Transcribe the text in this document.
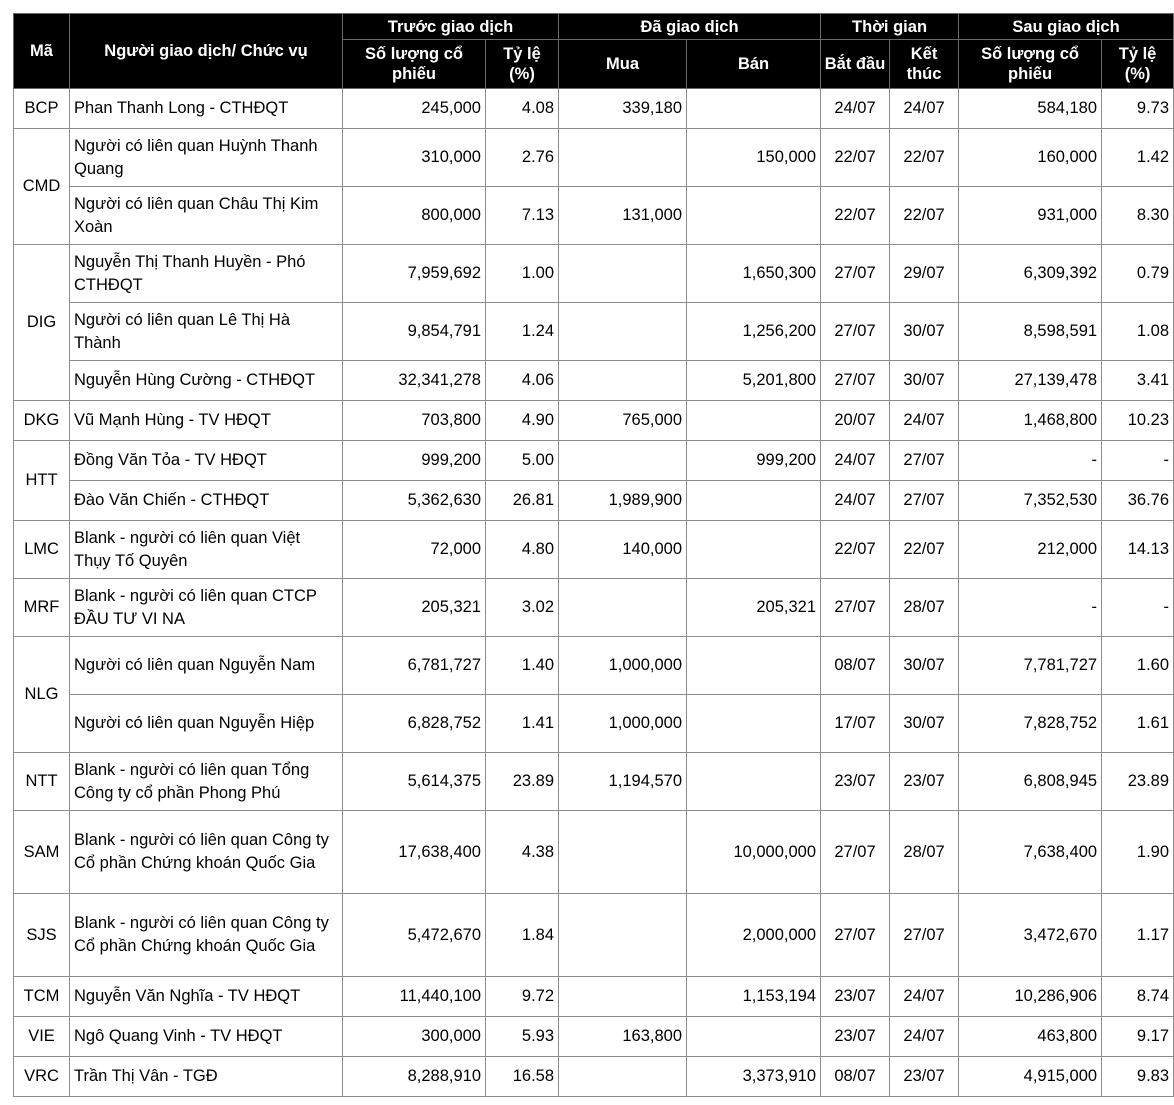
Mã	Người giao dịch/ Chức vụ	Trước giao dịch		Đã giao dịch		Thời gian		Sau giao dịch	
		Số lượng cổ phiếu	Tỷ lệ (%)	Mua	Bán	Bắt đầu	Kết thúc	Số lượng cổ phiếu	Tỷ lệ (%)
BCP	Phan Thanh Long - CTHĐQT	245,000	4.08	339,180		24/07	24/07	584,180	9.73
CMD	Người có liên quan Huỳnh Thanh Quang	310,000	2.76		150,000	22/07	22/07	160,000	1.42
	Người có liên quan Châu Thị Kim Xoàn	800,000	7.13	131,000		22/07	22/07	931,000	8.30
DIG	Nguyễn Thị Thanh Huyền - Phó CTHĐQT	7,959,692	1.00		1,650,300	27/07	29/07	6,309,392	0.79
	Người có liên quan Lê Thị Hà Thành	9,854,791	1.24		1,256,200	27/07	30/07	8,598,591	1.08
	Nguyễn Hùng Cường - CTHĐQT	32,341,278	4.06		5,201,800	27/07	30/07	27,139,478	3.41
DKG	Vũ Mạnh Hùng - TV HĐQT	703,800	4.90	765,000		20/07	24/07	1,468,800	10.23
HTT	Đồng Văn Tỏa - TV HĐQT	999,200	5.00		999,200	24/07	27/07	-	-
	Đào Văn Chiến - CTHĐQT	5,362,630	26.81	1,989,900		24/07	27/07	7,352,530	36.76
LMC	Blank - người có liên quan Việt Thụy Tố Quyên	72,000	4.80	140,000		22/07	22/07	212,000	14.13
MRF	Blank - người có liên quan CTCP ĐẦU TƯ VI NA	205,321	3.02		205,321	27/07	28/07	-	-
NLG	Người có liên quan Nguyễn Nam	6,781,727	1.40	1,000,000		08/07	30/07	7,781,727	1.60
	Người có liên quan Nguyễn Hiệp	6,828,752	1.41	1,000,000		17/07	30/07	7,828,752	1.61
NTT	Blank - người có liên quan Tổng Công ty cổ phần Phong Phú	5,614,375	23.89	1,194,570		23/07	23/07	6,808,945	23.89
SAM	Blank - người có liên quan Công ty Cổ phần Chứng khoán Quốc Gia	17,638,400	4.38		10,000,000	27/07	28/07	7,638,400	1.90
SJS	Blank - người có liên quan Công ty Cổ phần Chứng khoán Quốc Gia	5,472,670	1.84		2,000,000	27/07	27/07	3,472,670	1.17
TCM	Nguyễn Văn Nghĩa - TV HĐQT	11,440,100	9.72		1,153,194	23/07	24/07	10,286,906	8.74
VIE	Ngô Quang Vinh - TV HĐQT	300,000	5.93	163,800		23/07	24/07	463,800	9.17
VRC	Trần Thị Vân - TGĐ	8,288,910	16.58		3,373,910	08/07	23/07	4,915,000	9.83
